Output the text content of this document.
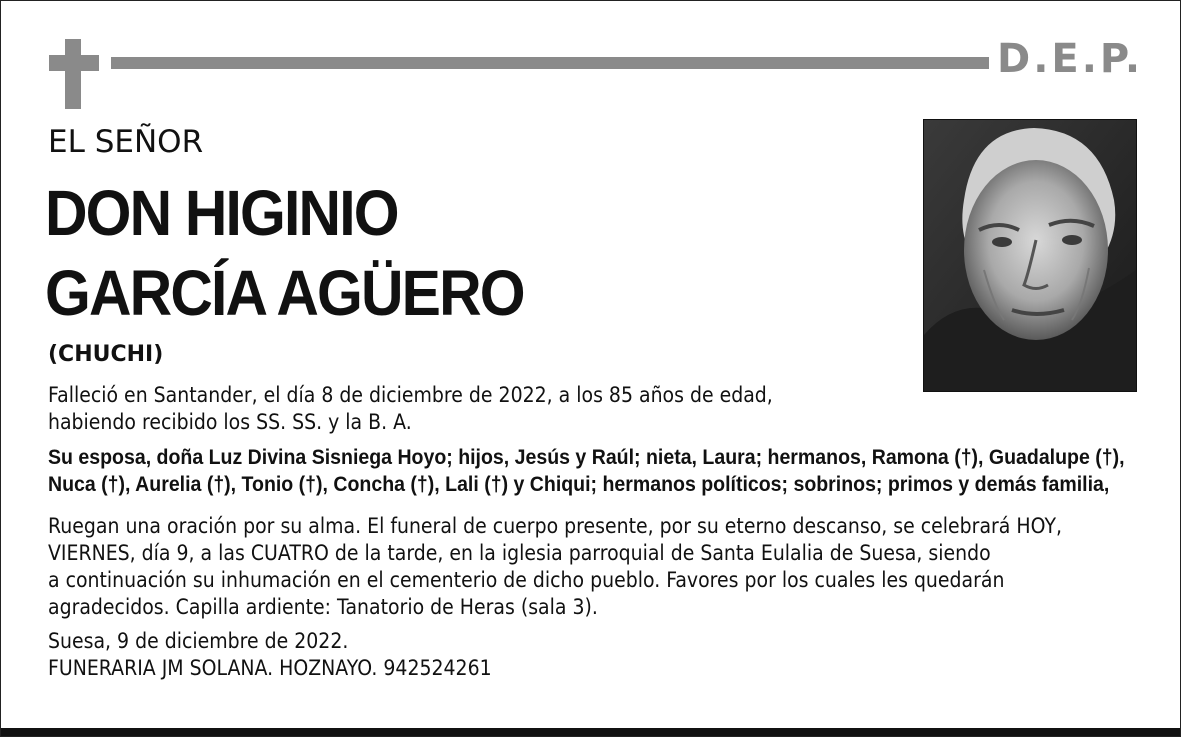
D.E.P.
EL SEÑOR
DON HIGINIO
GARCÍA AGÜERO
(CHUCHI)

Falleció en Santander, el día 8 de diciembre de 2022, a los 85 años de edad,
habiendo recibido los SS. SS. y la B. A.

Su esposa, doña Luz Divina Sisniega Hoyo; hijos, Jesús y Raúl; nieta, Laura; hermanos, Ramona (†), Guadalupe (†),
Nuca (†), Aurelia (†), Tonio (†), Concha (†), Lali (†) y Chiqui; hermanos políticos; sobrinos; primos y demás familia,

Ruegan una oración por su alma. El funeral de cuerpo presente, por su eterno descanso, se celebrará HOY,
VIERNES, día 9, a las CUATRO de la tarde, en la iglesia parroquial de Santa Eulalia de Suesa, siendo
a continuación su inhumación en el cementerio de dicho pueblo. Favores por los cuales les quedarán
agradecidos. Capilla ardiente: Tanatorio de Heras (sala 3).

Suesa, 9 de diciembre de 2022.
FUNERARIA JM SOLANA. HOZNAYO. 942524261
